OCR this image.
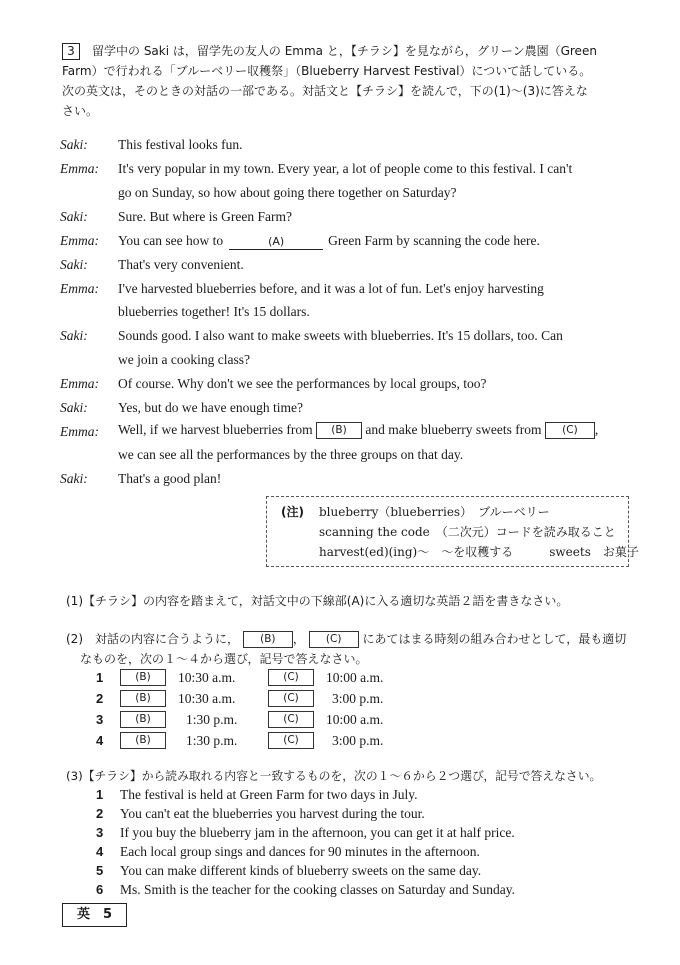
3 留学中の Saki は，留学先の友人の Emma と，【チラシ】を見ながら，グリーン農園（Green
Farm）で行われる「ブルーベリー収穫祭」（Blueberry Harvest Festival）について話している。
次の英文は，そのときの対話の一部である。対話文と【チラシ】を読んで，下の(1)〜(3)に答えな
さい。
Saki: This festival looks fun.
Emma: It's very popular in my town. Every year, a lot of people come to this festival. I can't
go on Sunday, so how about going there together on Saturday?
Saki: Sure. But where is Green Farm?
Emma: You can see how to	(A)	Green Farm by scanning the code here.
Saki: That's very convenient.
Emma: I've harvested blueberries before, and it was a lot of fun. Let's enjoy harvesting
blueberries together! It's 15 dollars.
Saki: Sounds good. I also want to make sweets with blueberries. It's 15 dollars, too. Can
we join a cooking class?
Emma: Of course. Why don't we see the performances by local groups, too?
Saki: Yes, but do we have enough time?
Emma: Well, if we harvest blueberries from (B) and make blueberry sweets from (C) ,
we can see all the performances by the three groups on that day.
Saki: That's a good plan!
(注) blueberry（blueberries）　ブルーベリー
scanning the code　（二次元）コードを読み取ること
harvest(ed)(ing)〜　〜を収穫する　　　sweets　お菓子
(1)【チラシ】の内容を踏まえて，対話文中の下線部(A)に入る適切な英語２語を書きなさい。
(2)　対話の内容に合うように， (B) ， (C) にあてはまる時刻の組み合わせとして，最も適切
なものを，次の１〜４から選び，記号で答えなさい。
1	(B)	10:30 a.m.	(C)	10:00 a.m.
2	(B)	10:30 a.m.	(C)	3:00 p.m.
3	(B)	1:30 p.m.	(C)	10:00 a.m.
4	(B)	1:30 p.m.	(C)	3:00 p.m.
(3)【チラシ】から読み取れる内容と一致するものを，次の１〜６から２つ選び，記号で答えなさい。
1 The festival is held at Green Farm for two days in July.
2 You can't eat the blueberries you harvest during the tour.
3 If you buy the blueberry jam in the afternoon, you can get it at half price.
4 Each local group sings and dances for 90 minutes in the afternoon.
5 You can make different kinds of blueberry sweets on the same day.
6 Ms. Smith is the teacher for the cooking classes on Saturday and Sunday.
英　5
